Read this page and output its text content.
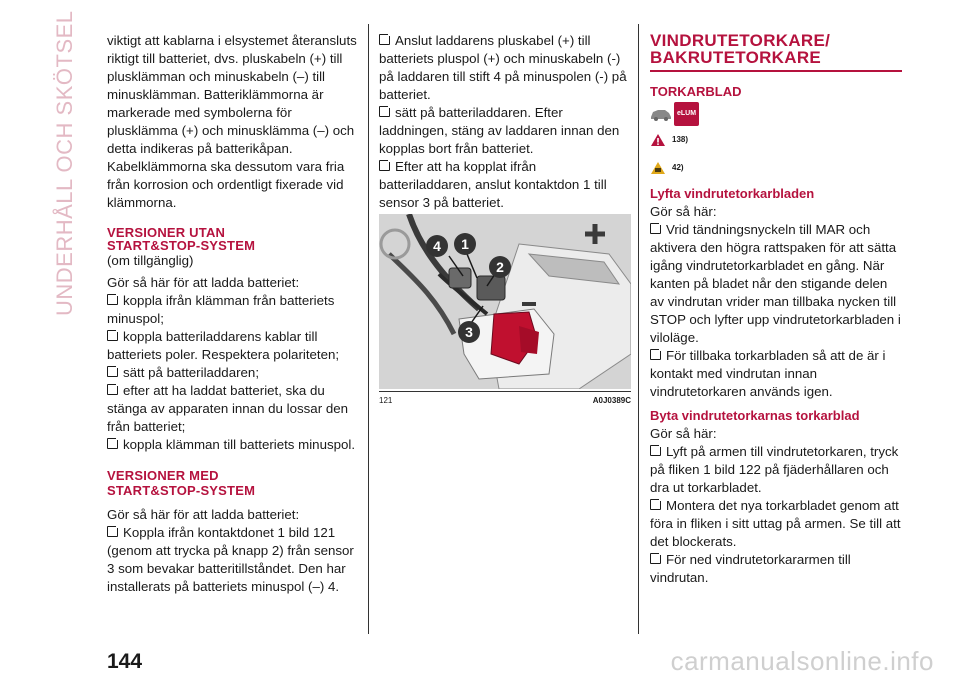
UNDERHÅLL OCH SKÖTSEL viktigt att kablarna i elsystemet återansluts riktigt till batteriet, dvs. pluskabeln (+) till plusklämman och minuskabeln (–) till minusklämman. Batteriklämmorna är markerade med symbolerna för plusklämma (+) och minusklämma (–) och detta indikeras på batterikåpan. Kabelklämmorna ska dessutom vara fria från korrosion och ordentligt fixerade vid klämmorna.

VERSIONER UTAN
START&STOP-SYSTEM

(om tillgänglig)

Gör så här för att ladda batteriet:

koppla ifrån klämman från batteriets minuspol;

koppla batteriladdarens kablar till batteriets poler. Respektera polariteten;

sätt på batteriladdaren;

efter att ha laddat batteriet, ska du stänga av apparaten innan du lossar den från batteriet;

koppla klämman till batteriets minuspol.

VERSIONER MED
START&STOP-SYSTEM

Gör så här för att ladda batteriet:

Koppla ifrån kontaktdonet 1 bild 121 (genom att trycka på knapp 2) från sensor 3 som bevakar batteritillståndet. Den har installerats på batteriets minuspol (–) 4.

Anslut laddarens pluskabel (+) till batteriets pluspol (+) och minuskabeln (-) på laddaren till stift 4 på minuspolen (-) på batteriet.

sätt på batteriladdaren. Efter laddningen, stäng av laddaren innan den kopplas bort från batteriet.

Efter att ha kopplat ifrån batteriladdaren, anslut kontaktdon 1 till sensor 3 på batteriet.

4 1
2
3
121	A0J0389C
VINDRUTETORKARE/
BAKRUTETORKARE
TORKARBLAD
eLUM
138)
42)
Lyfta vindrutetorkarbladen

Gör så här:

Vrid tändningsnyckeln till MAR och aktivera den högra rattspaken för att sätta igång vindrutetorkarbladet en gång. När kanten på bladet når den stigande delen av vindrutan vrider man tillbaka nycken till STOP och lyfter upp vindrutetorkarbladen i viloläge.

För tillbaka torkarbladen så att de är i kontakt med vindrutan innan vindrutetorkaren används igen.

Byta vindrutetorkarnas torkarblad

Gör så här:

Lyft på armen till vindrutetorkaren, tryck på fliken 1 bild 122 på fjäderhållaren och dra ut torkarbladet.

Montera det nya torkarbladet genom att föra in fliken i sitt uttag på armen. Se till att det blockerats.

För ned vindrutetorkararmen till vindrutan.

144	carmanualsonline.info
